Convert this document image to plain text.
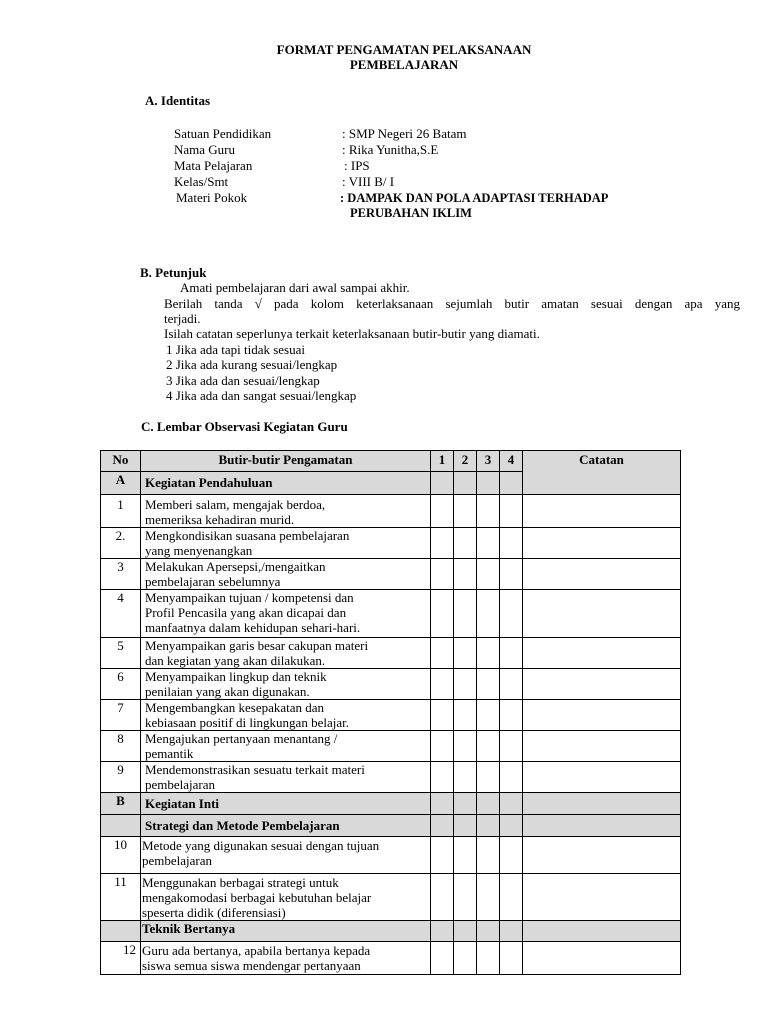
FORMAT PENGAMATAN PELAKSANAAN
PEMBELAJARAN
A. Identitas
Satuan Pendidikan	: SMP Negeri 26 Batam
Nama Guru	: Rika Yunitha,S.E
Mata Pelajaran	: IPS
Kelas/Smt	: VIII B/ I
Materi Pokok	: DAMPAK DAN POLA ADAPTASI TERHADAP
PERUBAHAN IKLIM
B. Petunjuk
Amati pembelajaran dari awal sampai akhir.
Berilah tanda √ pada kolom keterlaksanaan sejumlah butir amatan sesuai dengan apa yang
terjadi.
Isilah catatan seperlunya terkait keterlaksanaan butir-butir yang diamati.
1 Jika ada tapi tidak sesuai
2 Jika ada kurang sesuai/lengkap
3 Jika ada dan sesuai/lengkap
4 Jika ada dan sangat sesuai/lengkap
C. Lembar Observasi Kegiatan Guru
No	Butir-butir Pengamatan	1	2	3	4	Catatan
A	Kegiatan Pendahuluan					
1	Memberi salam, mengajak berdoa,
memeriksa kehadiran murid.					

2.	Mengkondisikan suasana pembelajaran
yang menyenangkan					

3	Melakukan Apersepsi,/mengaitkan
pembelajaran sebelumnya					

4	Menyampaikan tujuan / kompetensi dan
Profil Pencasila yang akan dicapai dan
manfaatnya dalam kehidupan sehari-hari.					

5	Menyampaikan garis besar cakupan materi
dan kegiatan yang akan dilakukan.					

6	Menyampaikan lingkup dan teknik
penilaian yang akan digunakan.					

7	Mengembangkan kesepakatan dan
kebiasaan positif di lingkungan belajar.					

8	Mengajukan pertanyaan menantang /
pemantik					

9	Mendemonstrasikan sesuatu terkait materi
pembelajaran					

B	Kegiatan Inti					
	Strategi dan Metode Pembelajaran					
10	Metode yang digunakan sesuai dengan tujuan
pembelajaran					

11	Menggunakan berbagai strategi untuk
mengakomodasi berbagai kebutuhan belajar
speserta didik (diferensiasi)					

	Teknik Bertanya					
12	Guru ada bertanya, apabila bertanya kepada
siswa semua siswa mendengar pertanyaan					
